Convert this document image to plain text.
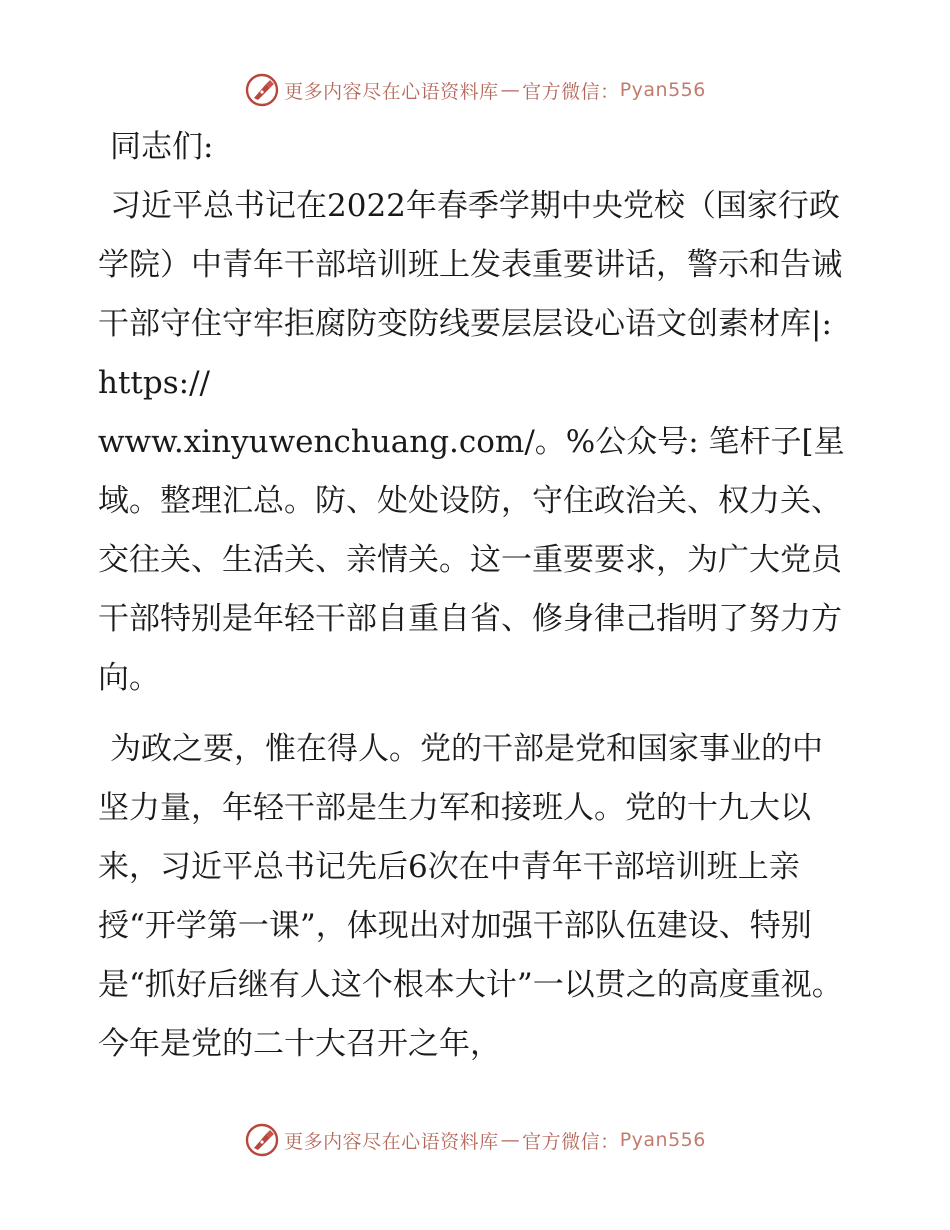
更多内容尽在心语资料库 — 官方微信： Pyan556

同志们:

习近平总书记在2022年春季学期中央党校（国家行政学院）中青年干部培训班上发表重要讲话，警示和告诫干部守住守牢拒腐防变防线要层层设心语文创素材库|: https://

www.xinyuwenchuang.com/。%公众号: 笔杆子[星域。整理汇总。防、处处设防，守住政治关、权力关、交往关、生活关、亲情关。这一重要要求，为广大党员干部特别是年轻干部自重自省、修身律己指明了努力方向。

为政之要，惟在得人。党的干部是党和国家事业的中坚力量，年轻干部是生力军和接班人。党的十九大以来，习近平总书记先后6次在中青年干部培训班上亲授“开学第一课”，体现出对加强干部队伍建设、特别是“抓好后继有人这个根本大计”一以贯之的高度重视。今年是党的二十大召开之年，

更多内容尽在心语资料库 — 官方微信： Pyan556
